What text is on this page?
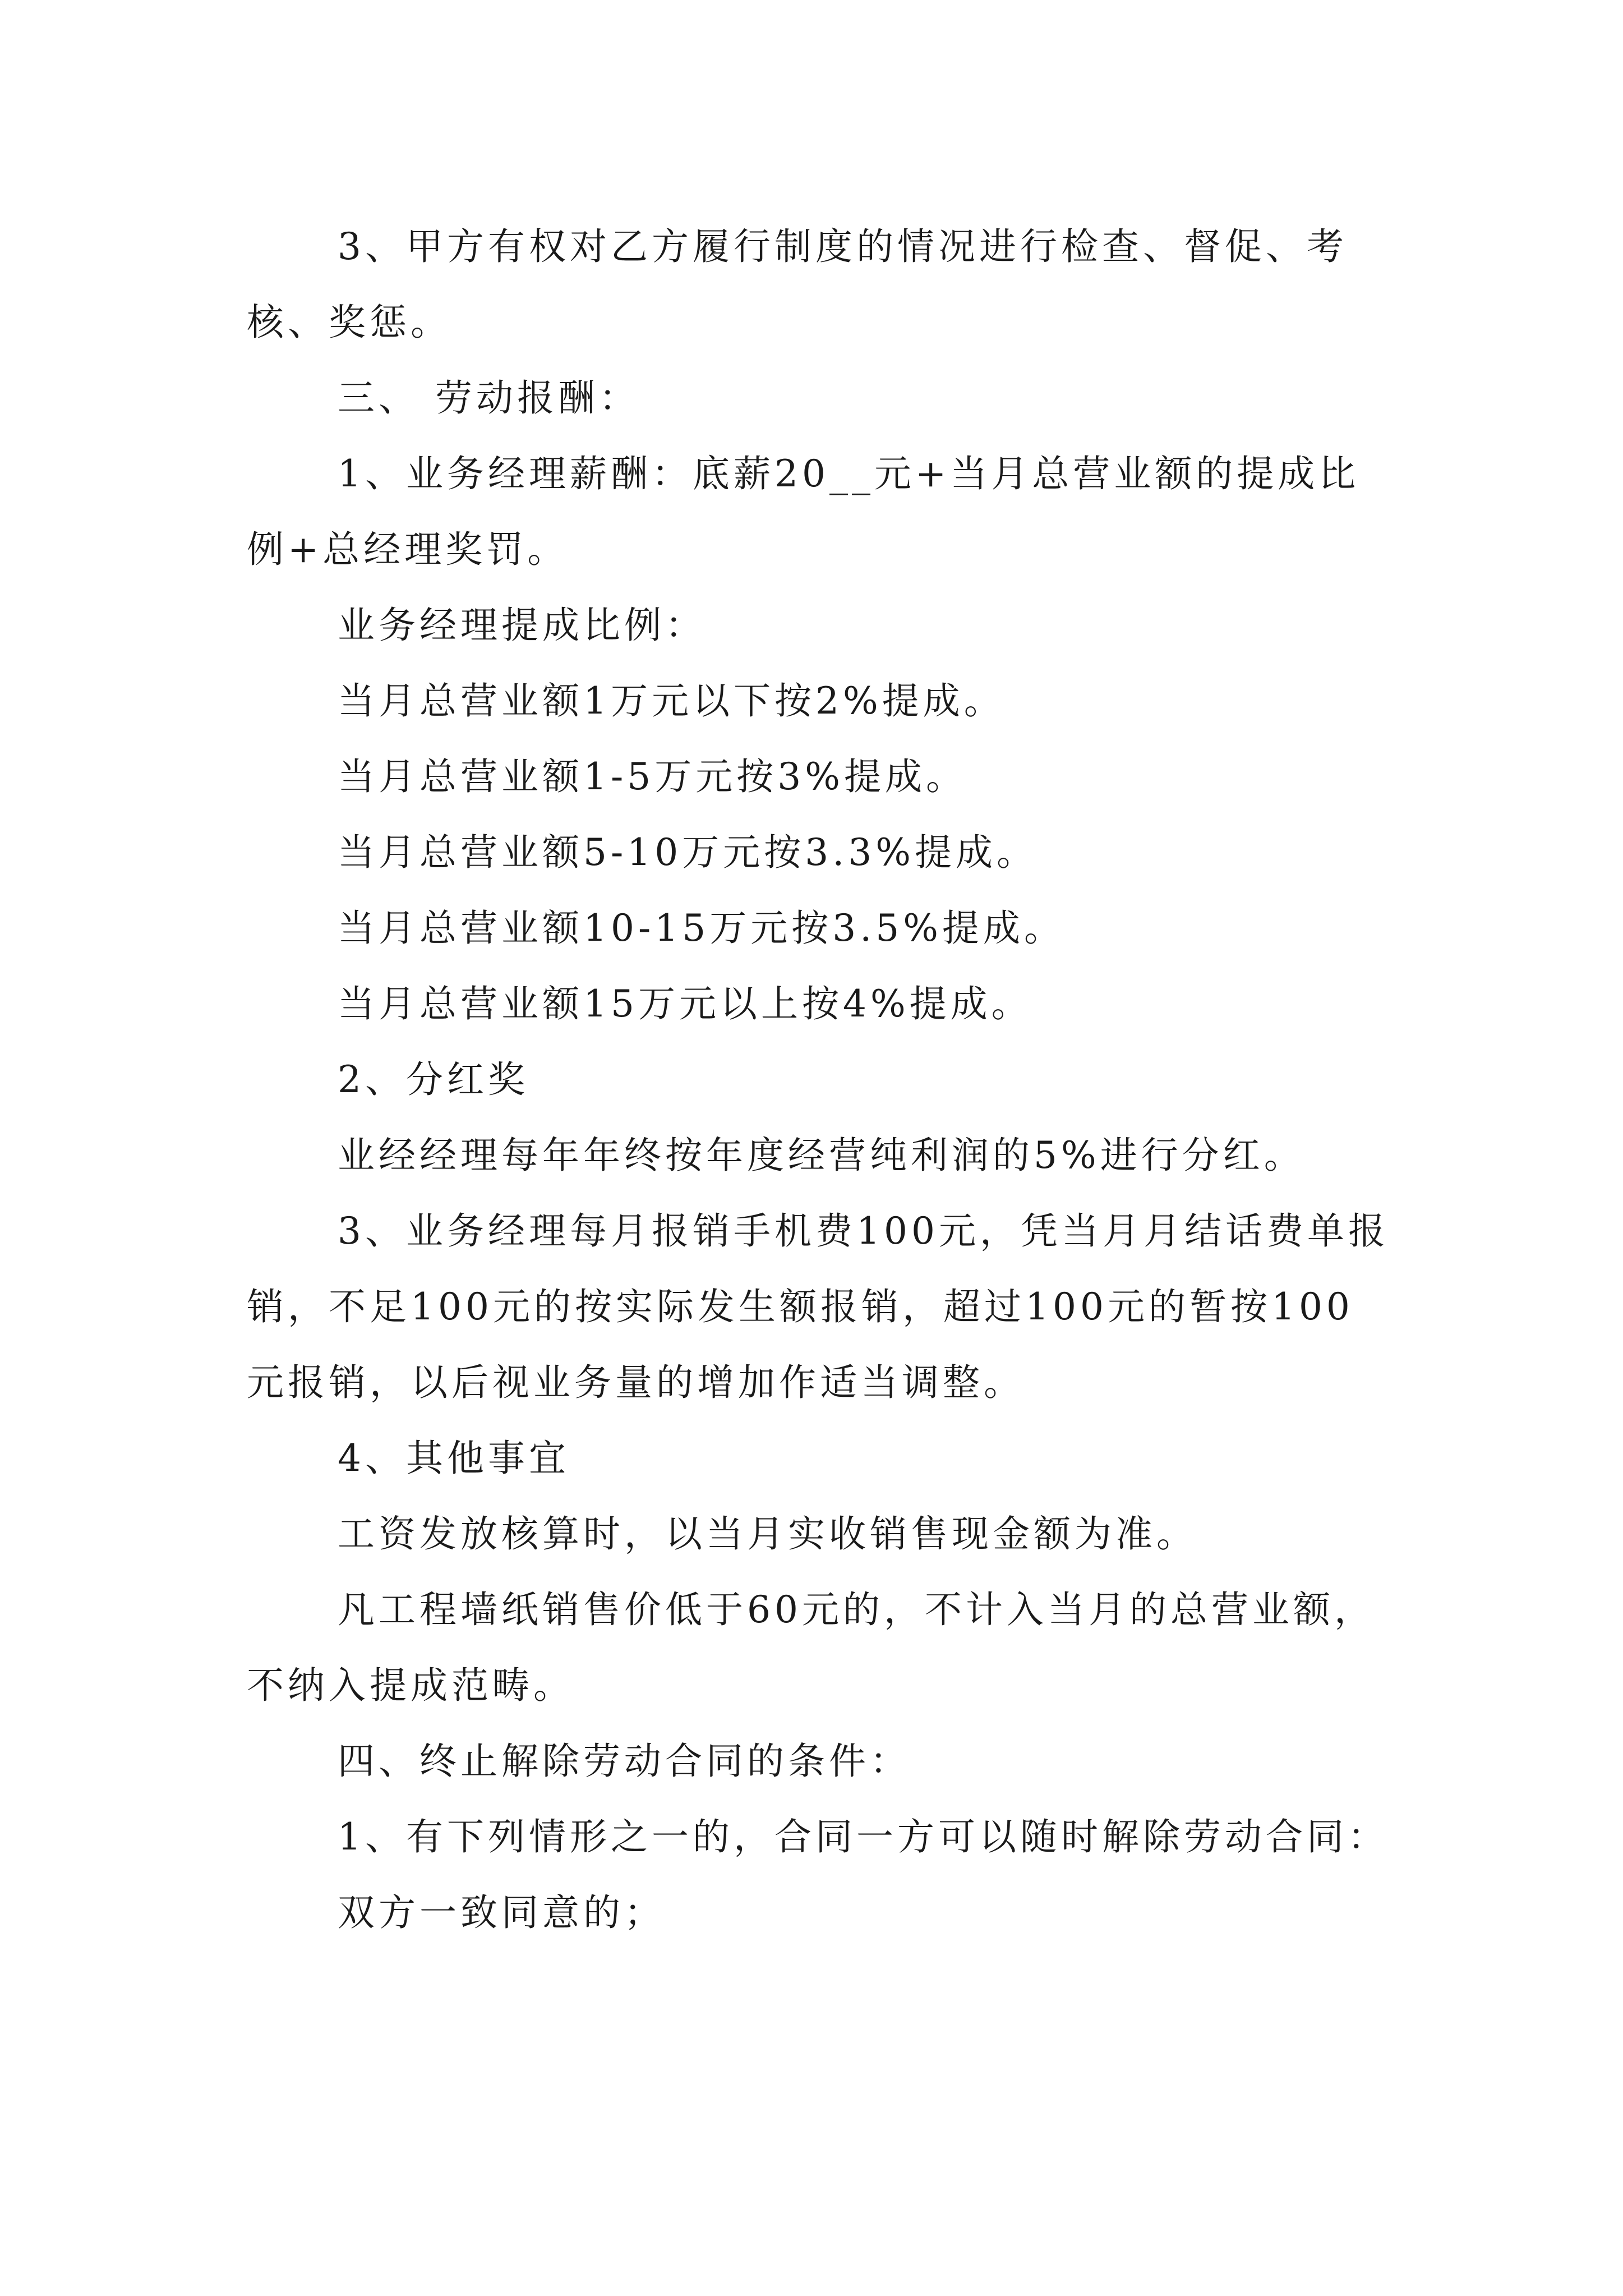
3、甲方有权对乙方履行制度的情况进行检查、督促、考核、奖惩。

三、 劳动报酬：

1、业务经理薪酬：底薪20__元+当月总营业额的提成比例+总经理奖罚。

业务经理提成比例：

当月总营业额1万元以下按2%提成。

当月总营业额1-5万元按3%提成。

当月总营业额5-10万元按3.3%提成。

当月总营业额10-15万元按3.5%提成。

当月总营业额15万元以上按4%提成。

2、分红奖

业经经理每年年终按年度经营纯利润的5%进行分红。

3、业务经理每月报销手机费100元，凭当月月结话费单报销，不足100元的按实际发生额报销，超过100元的暂按100元报销，以后视业务量的增加作适当调整。

4、其他事宜

工资发放核算时，以当月实收销售现金额为准。

凡工程墙纸销售价低于60元的，不计入当月的总营业额，不纳入提成范畴。

四、终止解除劳动合同的条件：

1、有下列情形之一的，合同一方可以随时解除劳动合同：

双方一致同意的；
